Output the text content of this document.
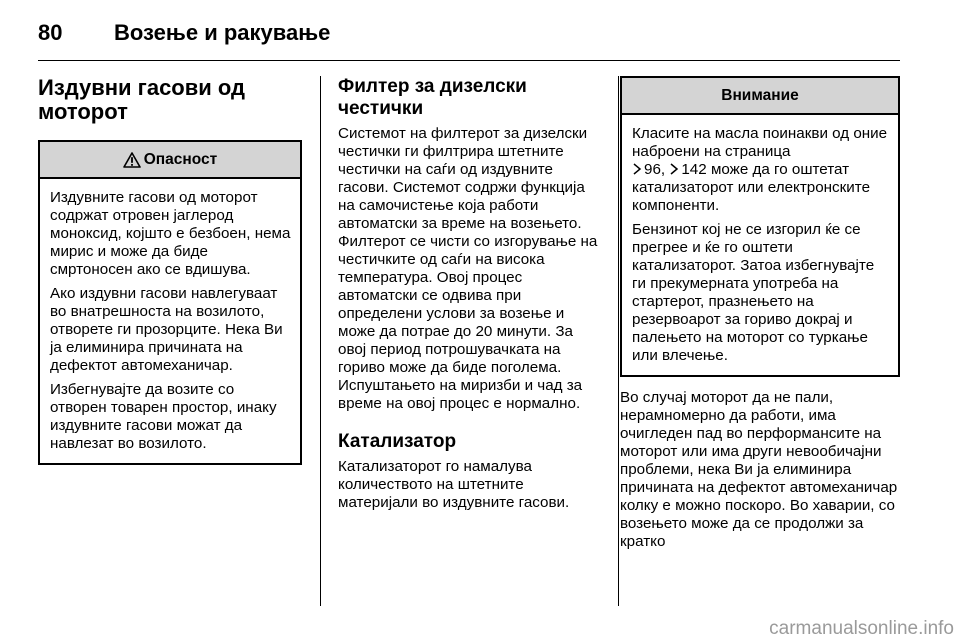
80 Возење и ракување
Издувни гасови од
моторот
Опасност

Издувните гасови од моторот содржат отровен јаглерод моноксид, којшто е безбоен, нема мирис и може да биде смртоносен ако се вдишува.

Ако издувни гасови навлегуваат во внатрешноста на возилото, отворете ги прозорците. Нека Ви ја елиминира причината на дефектот автомеханичар.

Избегнувајте да возите со отворен товарен простор, инаку издувните гасови можат да навлезат во возилото.

Филтер за дизелски
честички

Системот на филтерот за дизелски честички ги филтрира штетните честички на саѓи од издувните гасови. Системот содржи функција на самочистење која работи автоматски за време на возењето. Филтерот се чисти со изгорување на честичките од саѓи на висока температура. Овој процес автоматски се одвива при определени услови за возење и може да потрае до 20 минути. За овој период потрошувачката на гориво може да биде поголема. Испуштањето на миризби и чад за време на овој процес е нормално.

Катализатор

Катализаторот го намалува количеството на штетните материјали во издувните гасови.

Внимание

Класите на масла поинакви од оние наброени на страница
96, 142 може да го оштетат катализаторот или електронските компоненти.

Бензинот кој не се изгорил ќе се прегрее и ќе го оштети катализаторот. Затоа избегнувајте ги прекумерната употреба на стартерот, празнењето на резервоарот за гориво докрај и палењето на моторот со туркање или влечење.

Во случај моторот да не пали, нерамномерно да работи, има очигледен пад во перформансите на моторот или има други невообичајни проблеми, нека Ви ја елиминира причината на дефектот автомеханичар колку е можно поскоро. Во хаварии, со возењето може да се продолжи за кратко

carmanualsonline.info
